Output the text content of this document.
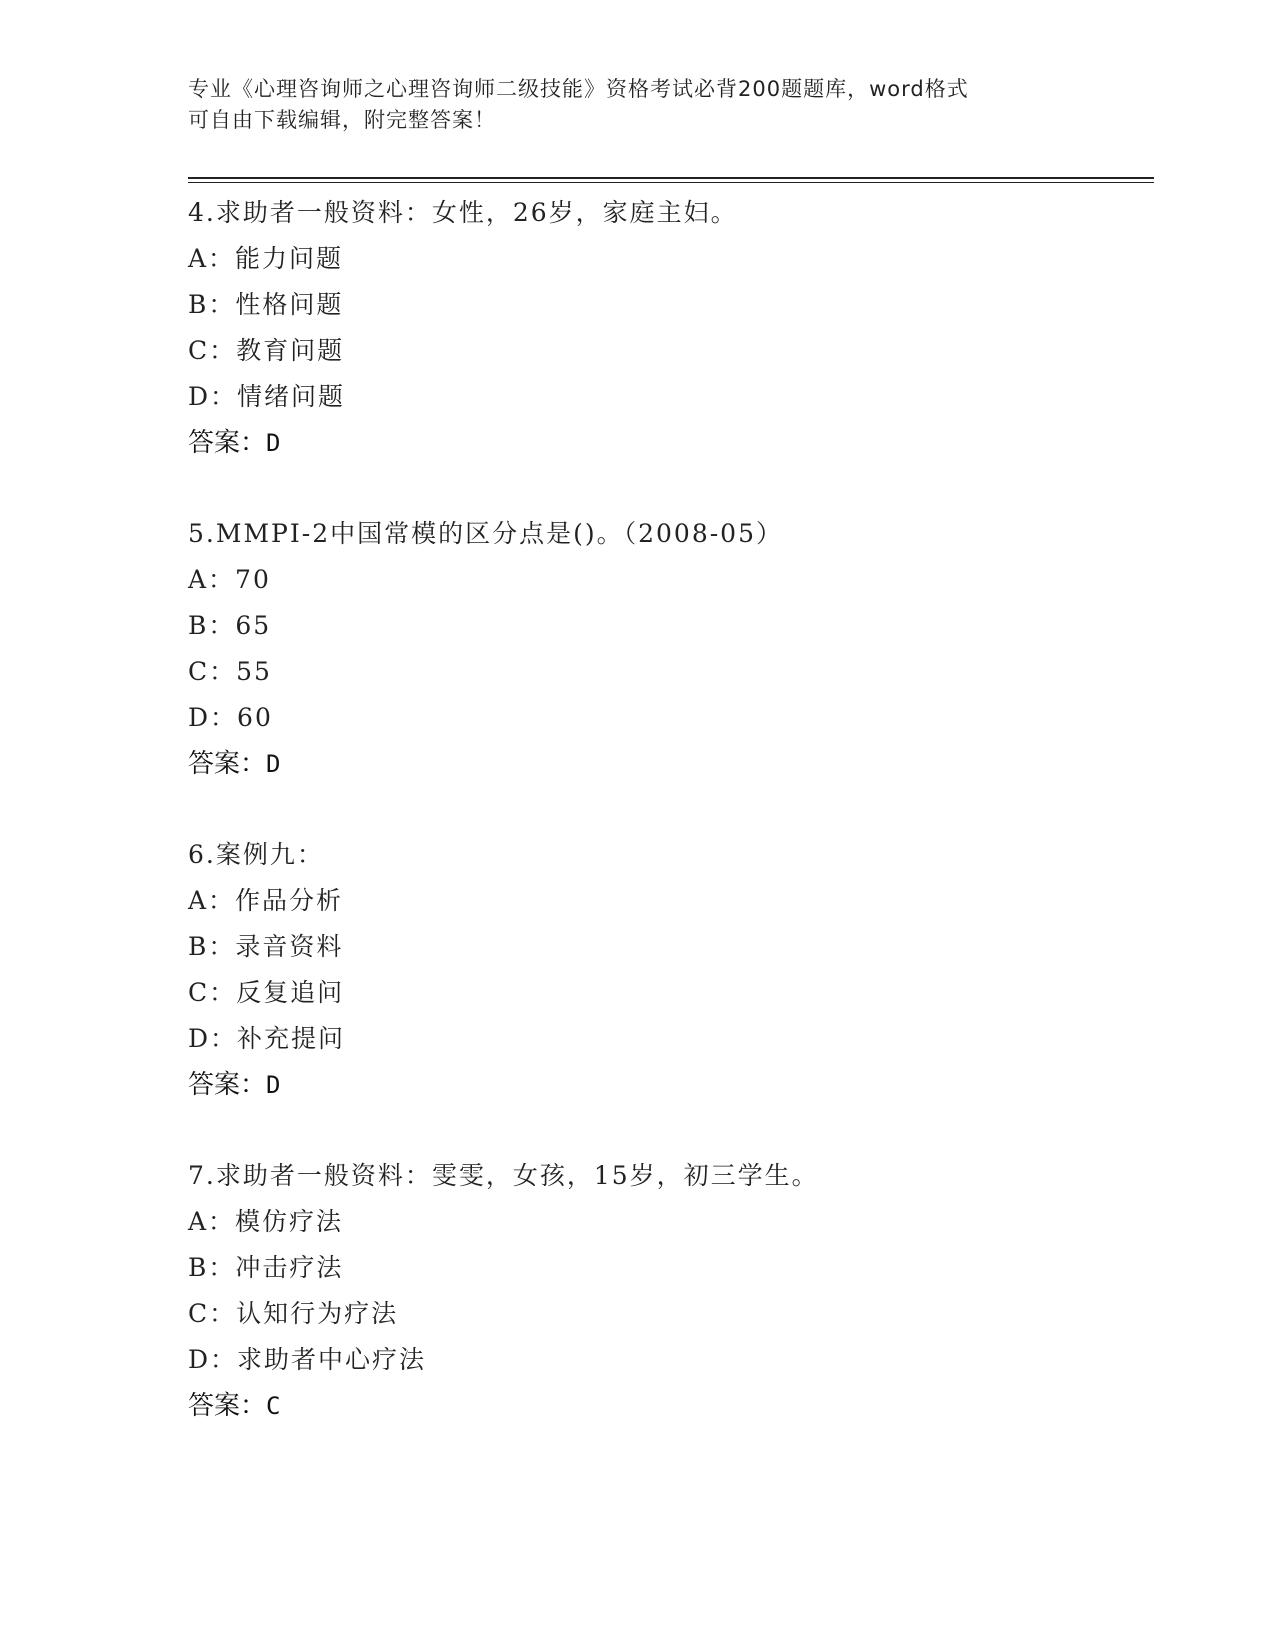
专业《心理咨询师之心理咨询师二级技能》资格考试必背200题题库，word格式
可自由下载编辑，附完整答案！
4.求助者一般资料：女性，26岁，家庭主妇。
A：能力问题
B：性格问题
C：教育问题
D：情绪问题
答案：D
5.MMPI-2中国常模的区分点是()。（2008-05）
A：70
B：65
C：55
D：60
答案：D
6.案例九：
A：作品分析
B：录音资料
C：反复追问
D：补充提问
答案：D
7.求助者一般资料：雯雯，女孩，15岁，初三学生。
A：模仿疗法
B：冲击疗法
C：认知行为疗法
D：求助者中心疗法
答案：C
